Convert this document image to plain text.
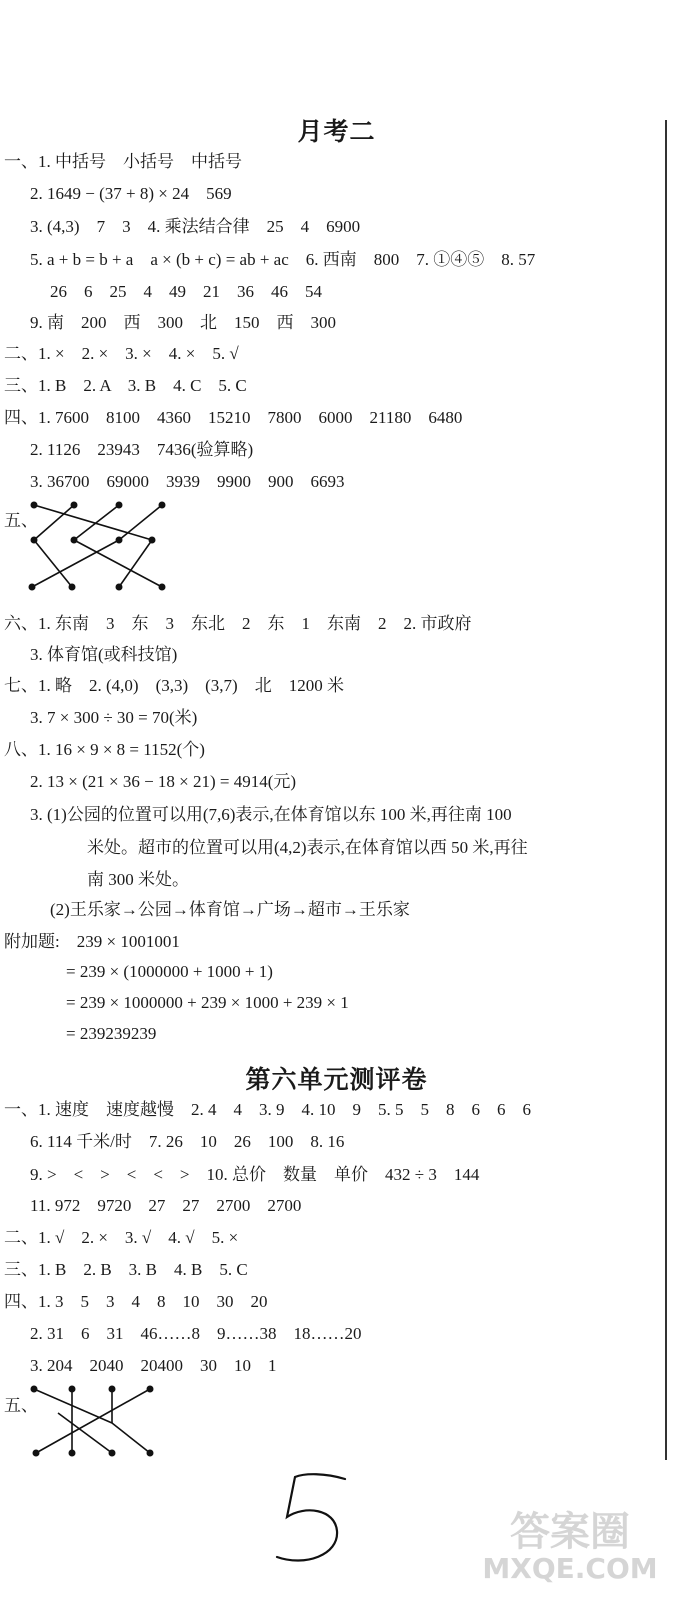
月考二
一、1. 中括号　小括号　中括号
2. 1649 − (37 + 8) × 24　569
3. (4,3)　7　3　4. 乘法结合律　25　4　6900
5. a + b = b + a　a × (b + c) = ab + ac　6. 西南　800　7. ①④⑤　8. 57
26　6　25　4　49　21　36　46　54
9. 南　200　西　300　北　150　西　300
二、1. ×　2. ×　3. ×　4. ×　5. √
三、1. B　2. A　3. B　4. C　5. C
四、1. 7600　8100　4360　15210　7800　6000　21180　6480
2. 1126　23943　7436(验算略)
3. 36700　69000　3939　9900　900　6693
五、
六、1. 东南　3　东　3　东北　2　东　1　东南　2　2. 市政府
3. 体育馆(或科技馆)
七、1. 略　2. (4,0)　(3,3)　(3,7)　北　1200 米
3. 7 × 300 ÷ 30 = 70(米)
八、1. 16 × 9 × 8 = 1152(个)
2. 13 × (21 × 36 − 18 × 21) = 4914(元)
3. (1)公园的位置可以用(7,6)表示,在体育馆以东 100 米,再往南 100
米处。超市的位置可以用(4,2)表示,在体育馆以西 50 米,再往
南 300 米处。
(2)王乐家→公园→体育馆→广场→超市→王乐家
附加题:　 239 × 1001001
= 239 × (1000000 + 1000 + 1)
= 239 × 1000000 + 239 × 1000 + 239 × 1
= 239239239
第六单元测评卷
一、1. 速度　速度越慢　2. 4　4　3. 9　4. 10　9　5. 5　5　8　6　6　6
6. 114 千米/时　7. 26　10　26　100　8. 16
9. >　<　>　<　<　>　10. 总价　数量　单价　432 ÷ 3　144
11. 972　9720　27　27　2700　2700
二、1. √　2. ×　3. √　4. √　5. ×
三、1. B　2. B　3. B　4. B　5. C
四、1. 3　5　3　4　8　10　30　20
2. 31　6　31　46……8　9……38　18……20
3. 204　2040　20400　30　10　1
五、
答案圈
MXQE.COM
